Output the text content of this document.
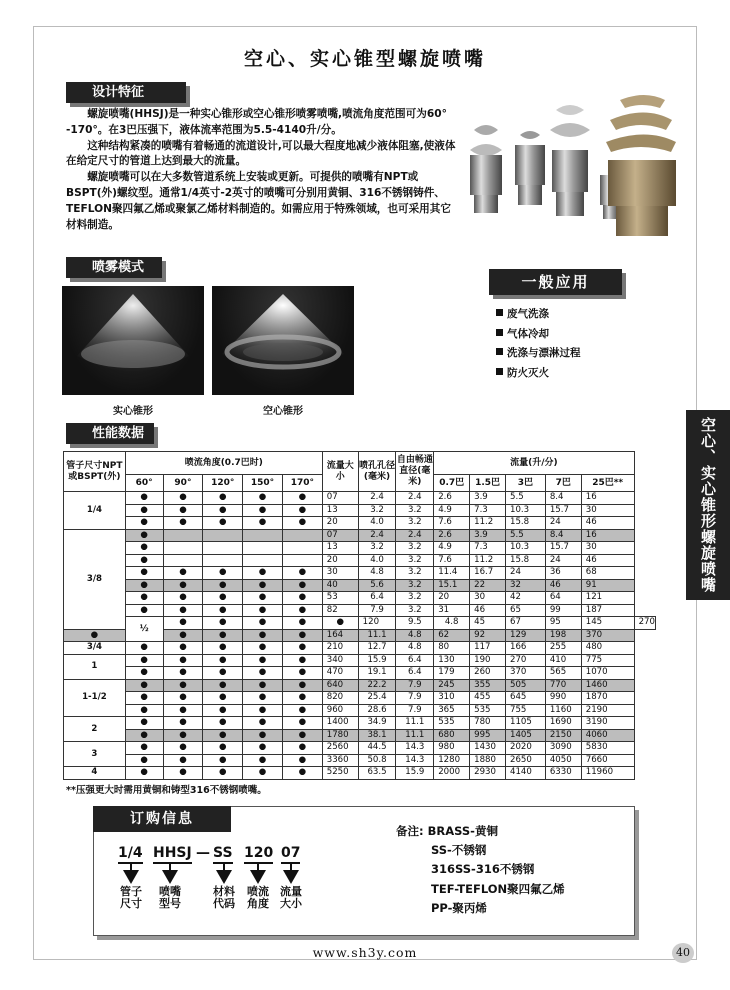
空心、实心锥型螺旋喷嘴
设计特征

螺旋喷嘴(HHSJ)是一种实心锥形或空心锥形喷雾喷嘴,喷流角度范围可为60° -170°。在3巴压强下，液体流率范围为5.5-4140升/分。

这种结构紧凑的喷嘴有着畅通的流道设计,可以最大程度地减少液体阻塞,使液体在给定尺寸的管道上达到最大的流量。

螺旋喷嘴可以在大多数管道系统上安装或更新。可提供的喷嘴有NPT或BSPT(外)螺纹型。通常1/4英寸-2英寸的喷嘴可分别用黄铜、316不锈钢铸件、TEFLON聚四氟乙烯或聚氯乙烯材料制造的。如需应用于特殊领域，也可采用其它材料制造。

喷雾模式
实心锥形	空心锥形
一般应用
废气洗涤
气体冷却
洗涤与漂淋过程
防火灭火
空心、实心锥形螺旋喷嘴
性能数据
管子尺寸NPT或BSPT(外)	喷流角度(0.7巴时)					流量大小	喷孔孔径(毫米)	自由畅通直径(毫米)	流量(升/分)					
	60°	90°	120°	150°	170°				0.7巴	1.5巴	3巴	7巴	25巴**	
1/4	●	●	●	●	●	07	2.4	2.4	2.6	3.9	5.5	8.4	16	
	●	●	●	●	●	13	3.2	3.2	4.9	7.3	10.3	15.7	30	
	●	●	●	●	●	20	4.0	3.2	7.6	11.2	15.8	24	46	
3/8	●					07	2.4	2.4	2.6	3.9	5.5	8.4	16	
	●					13	3.2	3.2	4.9	7.3	10.3	15.7	30	
	●					20	4.0	3.2	7.6	11.2	15.8	24	46	
	●	●	●	●	●	30	4.8	3.2	11.4	16.7	24	36	68	
	●	●	●	●	●	40	5.6	3.2	15.1	22	32	46	91	
	●	●	●	●	●	53	6.4	3.2	20	30	42	64	121	
	●	●	●	●	●	82	7.9	3.2	31	46	65	99	187	
	½	●	●	●	●	●	120	9.5	4.8	45	67	95	145	270
●		●	●	●	●	164	11.1	4.8	62	92	129	198	370	
3/4	●	●	●	●	●	210	12.7	4.8	80	117	166	255	480	
1	●	●	●	●	●	340	15.9	6.4	130	190	270	410	775	
	●	●	●	●	●	470	19.1	6.4	179	260	370	565	1070	
1-1/2	●	●	●	●	●	640	22.2	7.9	245	355	505	770	1460	
	●	●	●	●	●	820	25.4	7.9	310	455	645	990	1870	
	●	●	●	●	●	960	28.6	7.9	365	535	755	1160	2190	
2	●	●	●	●	●	1400	34.9	11.1	535	780	1105	1690	3190	
	●	●	●	●	●	1780	38.1	11.1	680	995	1405	2150	4060	
3	●	●	●	●	●	2560	44.5	14.3	980	1430	2020	3090	5830	
	●	●	●	●	●	3360	50.8	14.3	1280	1880	2650	4050	7660	
4	●	●	●	●	●	5250	63.5	15.9	2000	2930	4140	6330	11960	
**压强更大时需用黄铜和铸型316不锈钢喷嘴。
订购信息
1/4 HHSJ — SS 120 07
管子尺寸
喷嘴型号
材料代码
喷流角度
流量大小
备注: BRASS-黄铜
SS-不锈钢
316SS-316不锈钢
TEF-TEFLON聚四氟乙烯
PP-聚丙烯
www.sh3y.com	40
